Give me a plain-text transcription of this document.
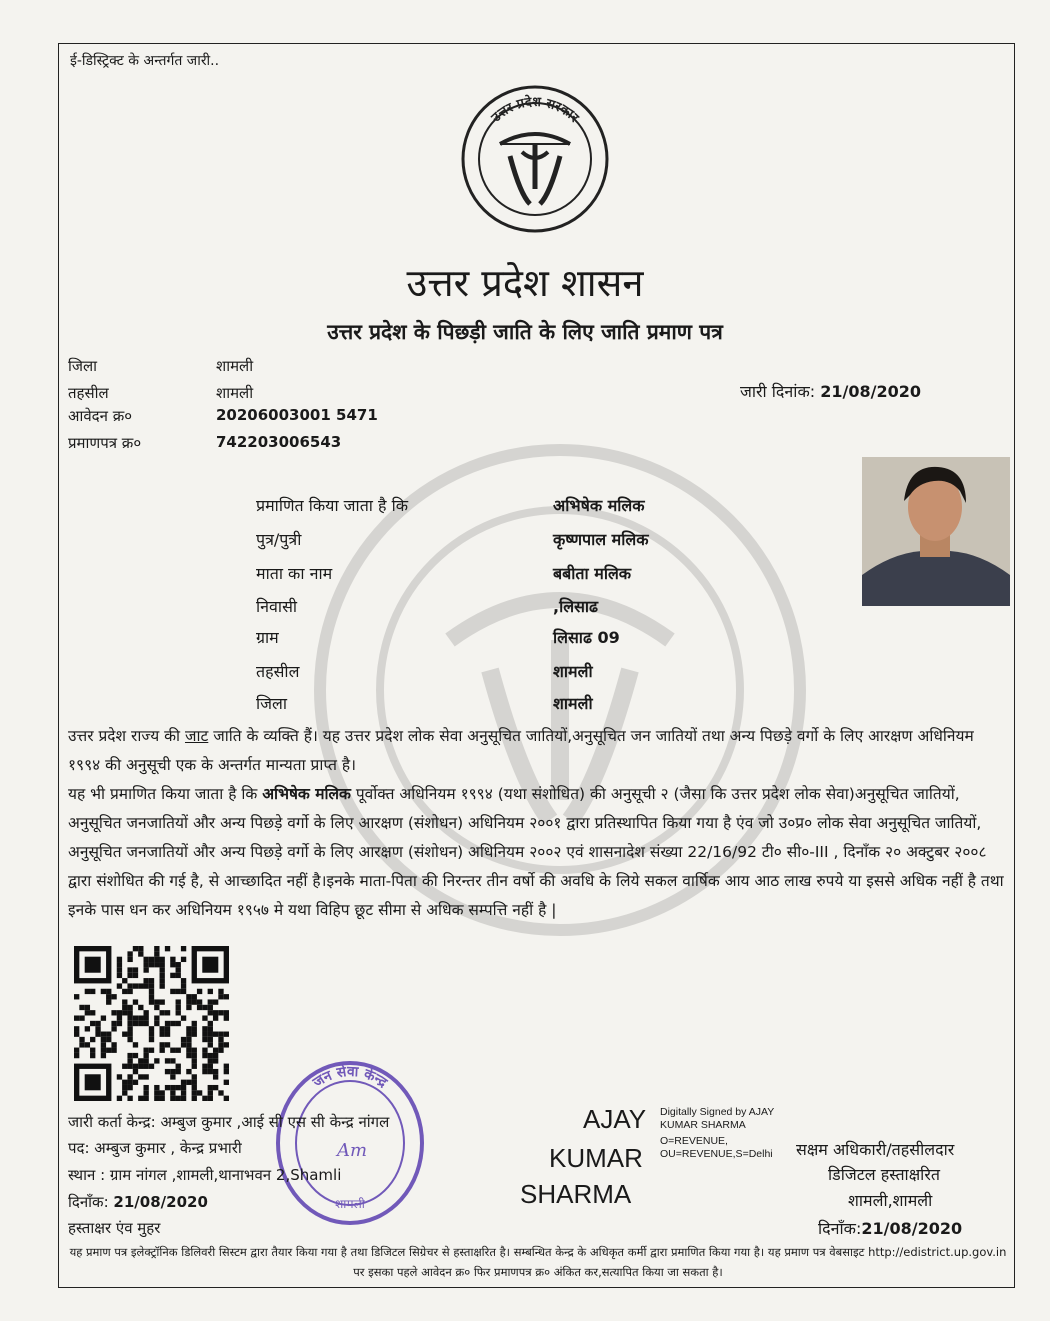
ई-डिस्ट्रिक्ट के अन्तर्गत जारी..
उत्तर प्रदेश सरकार
उत्तर प्रदेश शासन
उत्तर प्रदेश के पिछड़ी जाति के लिए जाति प्रमाण पत्र
जिला	शामली
तहसील	शामली
आवेदन क्र०	20206003001 5471
प्रमाणपत्र क्र०	742203006543
जारी दिनांक: 21/08/2020
प्रमाणित किया जाता है कि	अभिषेक मलिक
पुत्र/पुत्री	कृष्णपाल मलिक
माता का नाम	बबीता मलिक
निवासी	,लिसाढ
ग्राम	लिसाढ 09
तहसील	शामली
जिला	शामली
उत्तर प्रदेश राज्य की जाट जाति के व्यक्ति हैं। यह उत्तर प्रदेश लोक सेवा अनुसूचित जातियों,अनुसूचित जन जातियों तथा अन्य पिछड़े वर्गो के लिए आरक्षण अधिनियम १९९४ की अनुसूची एक के अन्तर्गत मान्यता प्राप्त है।
यह भी प्रमाणित किया जाता है कि अभिषेक मलिक पूर्वोक्त अधिनियम १९९४ (यथा संशोधित) की अनुसूची २ (जैसा कि उत्तर प्रदेश लोक सेवा)अनुसूचित जातियों, अनुसूचित जनजातियों और अन्य पिछड़े वर्गो के लिए आरक्षण (संशोधन) अधिनियम २००१ द्वारा प्रतिस्थापित किया गया है एंव जो उ०प्र० लोक सेवा अनुसूचित जातियों, अनुसूचित जनजातियों और अन्य पिछड़े वर्गो के लिए आरक्षण (संशोधन) अधिनियम २००२ एवं शासनादेश संख्या 22/16/92 टी० सी०-III , दिनाँक २० अक्टुबर २००८ द्वारा संशोधित की गई है, से आच्छादित नहीं है।इनके माता-पिता की निरन्तर तीन वर्षो की अवधि के लिये सकल वार्षिक आय आठ लाख रुपये या इससे अधिक नहीं है तथा इनके पास धन कर अधिनियम १९५७ मे यथा विहिप छूट सीमा से अधिक सम्पत्ति नहीं है |
जन सेवा केन्द्र
शामली
Am
जारी कर्ता केन्द्र: अम्बुज कुमार ,आई सी एस सी केन्द्र नांगल
पद: अम्बुज कुमार , केन्द्र प्रभारी
स्थान : ग्राम नांगल ,शामली,थानाभवन 2,Shamli
दिनाँक: 21/08/2020
हस्ताक्षर एंव मुहर
AJAY
KUMAR
SHARMA
Digitally Signed by AJAY KUMAR SHARMA
O=REVENUE, OU=REVENUE,S=Delhi	सक्षम अधिकारी/तहसीलदार
डिजिटल हस्ताक्षरित
शामली,शामली
दिनाँक:21/08/2020
यह प्रमाण पत्र इलेक्ट्रॉनिक डिलिवरी सिस्टम द्वारा तैयार किया गया है तथा डिजिटल सिग्रेचर से हस्ताक्षरित है। सम्बन्धित केन्द्र के अधिकृत कर्मी द्वारा प्रमाणित किया गया है। यह प्रमाण पत्र वेबसाइट http://edistrict.up.gov.in पर इसका पहले आवेदन क्र० फिर प्रमाणपत्र क्र० अंकित कर,सत्यापित किया जा सकता है।
